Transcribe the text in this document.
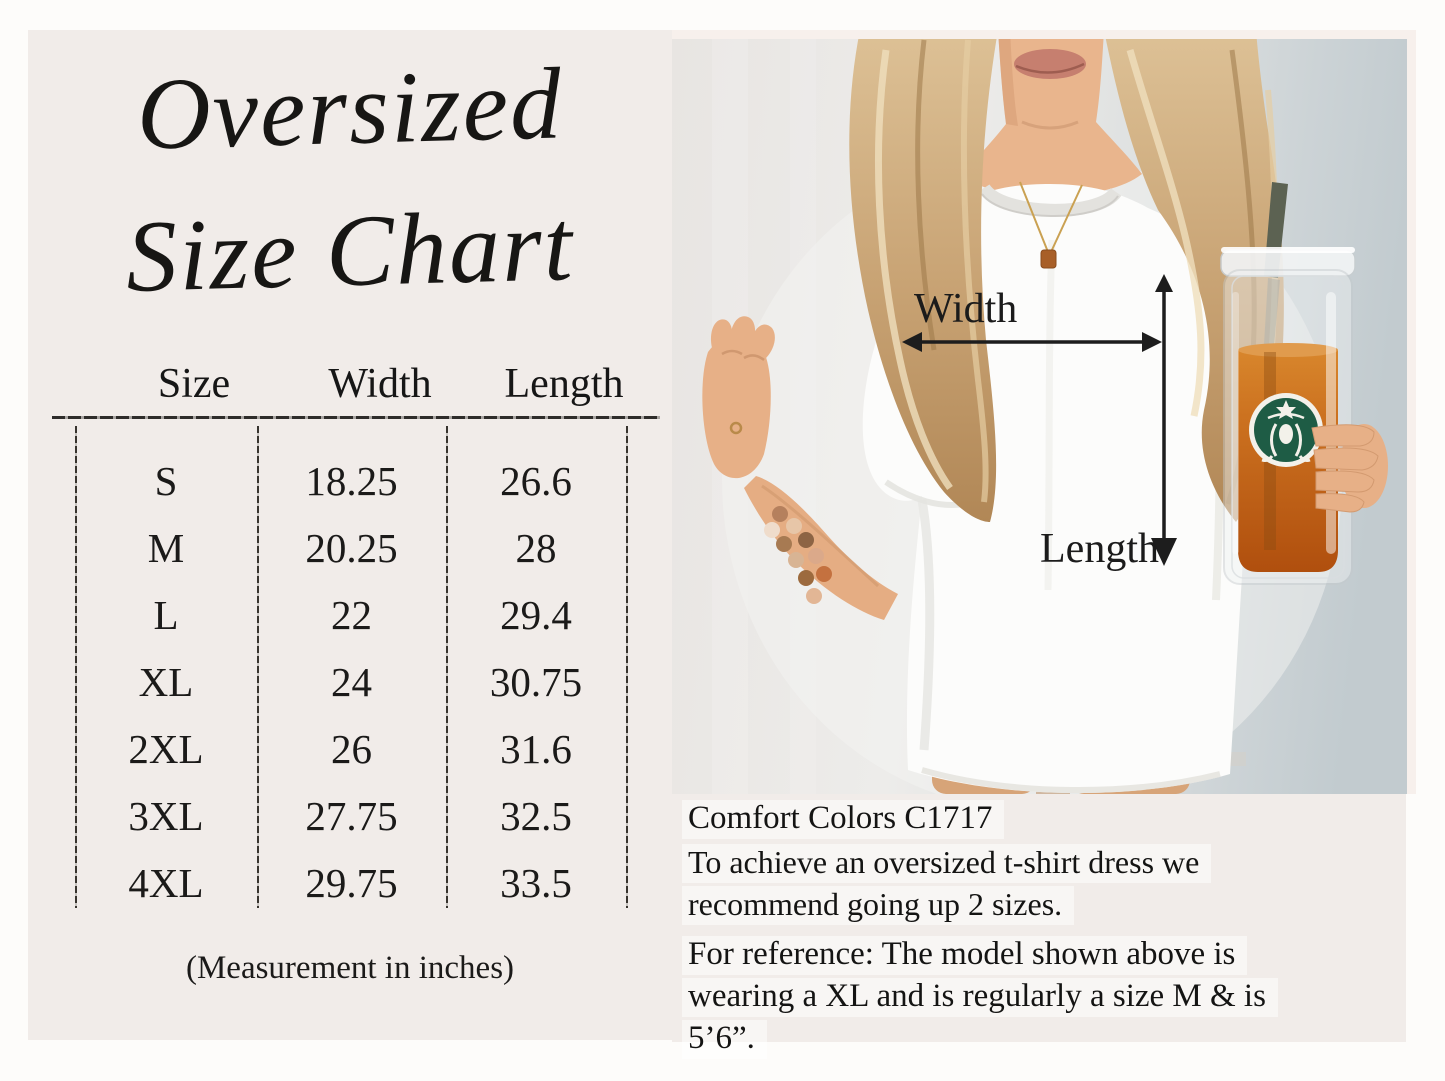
Oversized
Size Chart
Size	Width	Length
S	18.25	26.6
M	20.25	28
L	22	29.4
XL	24	30.75
2XL	26	31.6
3XL	27.75	32.5
4XL	29.75	33.5
(Measurement in inches)
Width
Length
Comfort Colors C1717
To achieve an oversized t-shirt dress we
recommend going up 2 sizes.
For reference: The model shown above is
wearing a XL and is regularly a size M & is
5’6”.
